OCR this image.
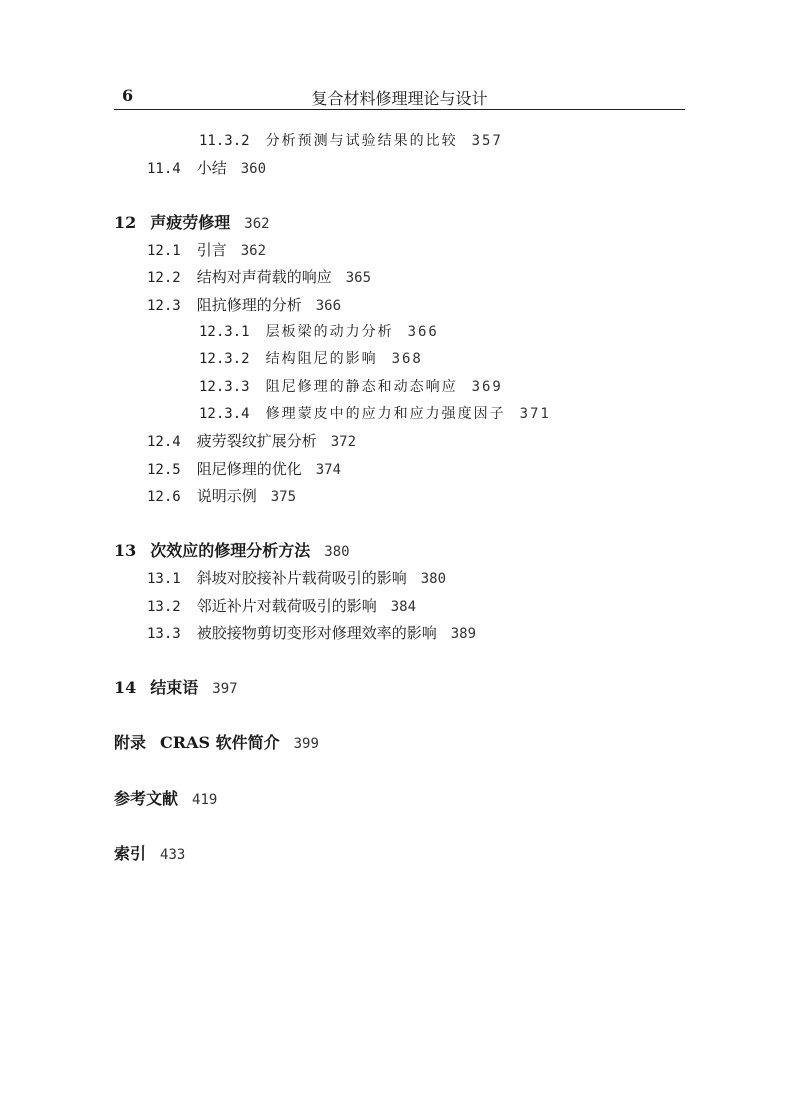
6	复合材料修理理论与设计
11.3.2 分析预测与试验结果的比较 357
11.4 小结 360
12 声疲劳修理 362
12.1 引言 362
12.2 结构对声荷载的响应 365
12.3 阻抗修理的分析 366
12.3.1 层板梁的动力分析 366
12.3.2 结构阻尼的影响 368
12.3.3 阻尼修理的静态和动态响应 369
12.3.4 修理蒙皮中的应力和应力强度因子 371
12.4 疲劳裂纹扩展分析 372
12.5 阻尼修理的优化 374
12.6 说明示例 375
13 次效应的修理分析方法 380
13.1 斜坡对胶接补片载荷吸引的影响 380
13.2 邻近补片对载荷吸引的影响 384
13.3 被胶接物剪切变形对修理效率的影响 389
14 结束语 397
附录 CRAS 软件简介 399
参考文献 419
索引 433
